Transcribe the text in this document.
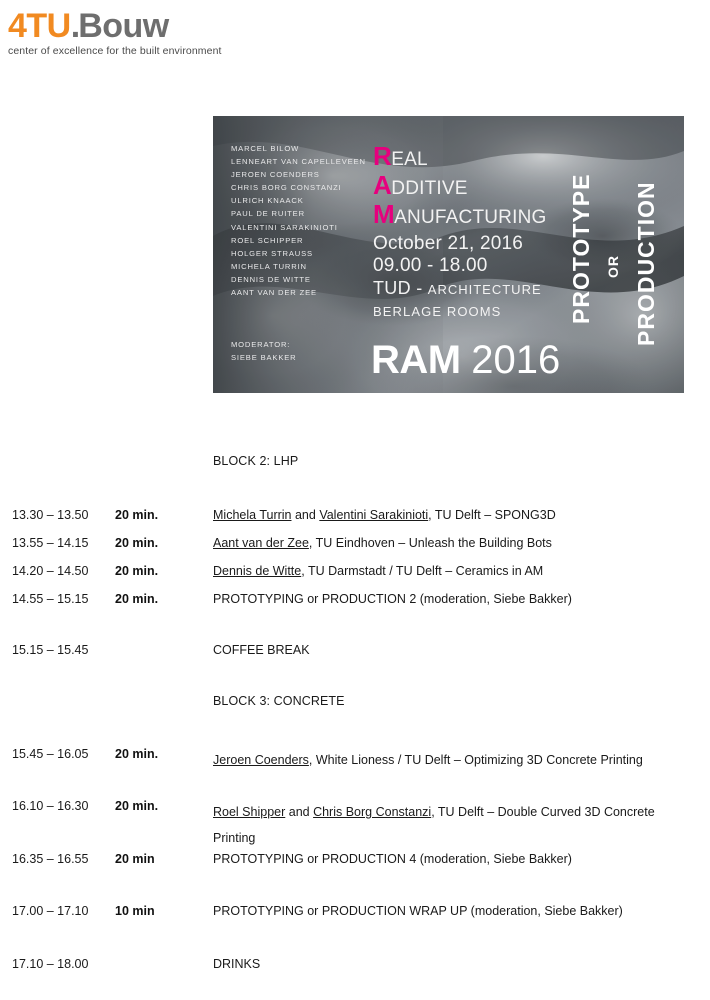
4TU.Bouw
center of excellence for the built environment
MARCEL BILOW
LENNEART VAN CAPELLEVEEN
JEROEN COENDERS
CHRIS BORG CONSTANZI
ULRICH KNAACK
PAUL DE RUITER
VALENTINI SARAKINIOTI
ROEL SCHIPPER
HOLGER STRAUSS
MICHELA TURRIN
DENNIS DE WITTE
AANT VAN DER ZEE
MODERATOR:
SIEBE BAKKER
REAL
ADDITIVE
MANUFACTURING
October 21, 2016
09.00 - 18.00
TUD - ARCHITECTURE
BERLAGE ROOMS
RAM 2016
PROTOTYPE OR PRODUCTION
BLOCK 2: LHP
13.30 – 13.50	20 min.	Michela Turrin and Valentini Sarakinioti, TU Delft – SPONG3D
13.55 – 14.15	20 min.	Aant van der Zee, TU Eindhoven – Unleash the Building Bots
14.20 – 14.50	20 min.	Dennis de Witte, TU Darmstadt / TU Delft – Ceramics in AM
14.55 – 15.15	20 min.	PROTOTYPING or PRODUCTION 2 (moderation, Siebe Bakker)
15.15 – 15.45	COFFEE BREAK
BLOCK 3: CONCRETE
15.45 – 16.05	20 min.	Jeroen Coenders, White Lioness / TU Delft – Optimizing 3D Concrete Printing
16.10 – 16.30	20 min.	Roel Shipper and Chris Borg Constanzi, TU Delft – Double Curved 3D Concrete Printing
16.35 – 16.55	20 min	PROTOTYPING or PRODUCTION 4 (moderation, Siebe Bakker)
17.00 – 17.10	10 min	PROTOTYPING or PRODUCTION WRAP UP (moderation, Siebe Bakker)
17.10 – 18.00	DRINKS
